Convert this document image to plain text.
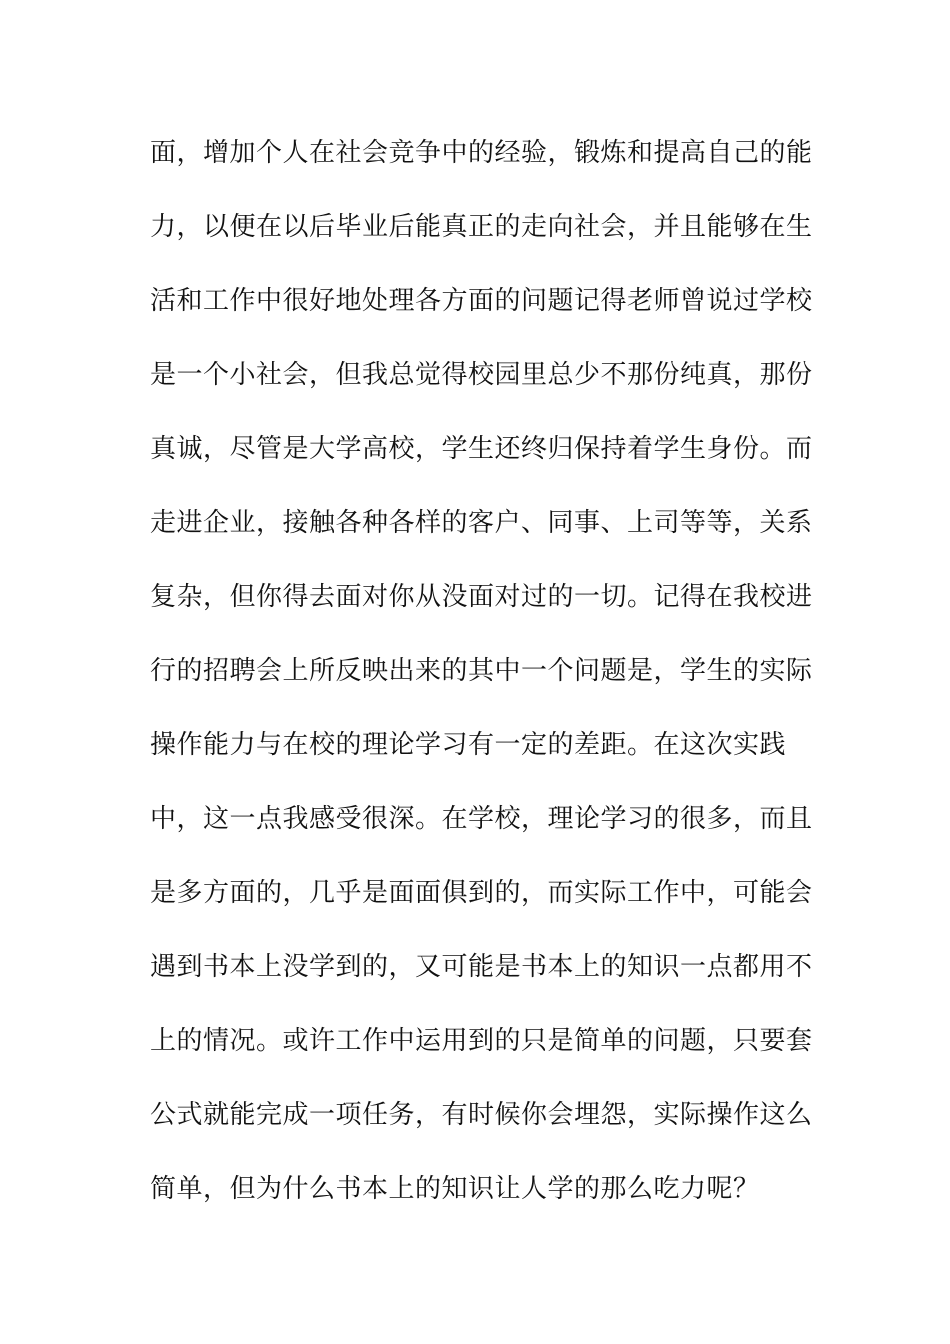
面，增加个人在社会竞争中的经验，锻炼和提高自己的能
力，以便在以后毕业后能真正的走向社会，并且能够在生
活和工作中很好地处理各方面的问题记得老师曾说过学校
是一个小社会，但我总觉得校园里总少不那份纯真，那份
真诚，尽管是大学高校，学生还终归保持着学生身份。而
走进企业，接触各种各样的客户、同事、上司等等，关系
复杂，但你得去面对你从没面对过的一切。记得在我校进
行的招聘会上所反映出来的其中一个问题是，学生的实际
操作能力与在校的理论学习有一定的差距。在这次实践
中，这一点我感受很深。在学校，理论学习的很多，而且
是多方面的，几乎是面面俱到的，而实际工作中，可能会
遇到书本上没学到的，又可能是书本上的知识一点都用不
上的情况。或许工作中运用到的只是简单的问题，只要套
公式就能完成一项任务，有时候你会埋怨，实际操作这么
简单，但为什么书本上的知识让人学的那么吃力呢？
